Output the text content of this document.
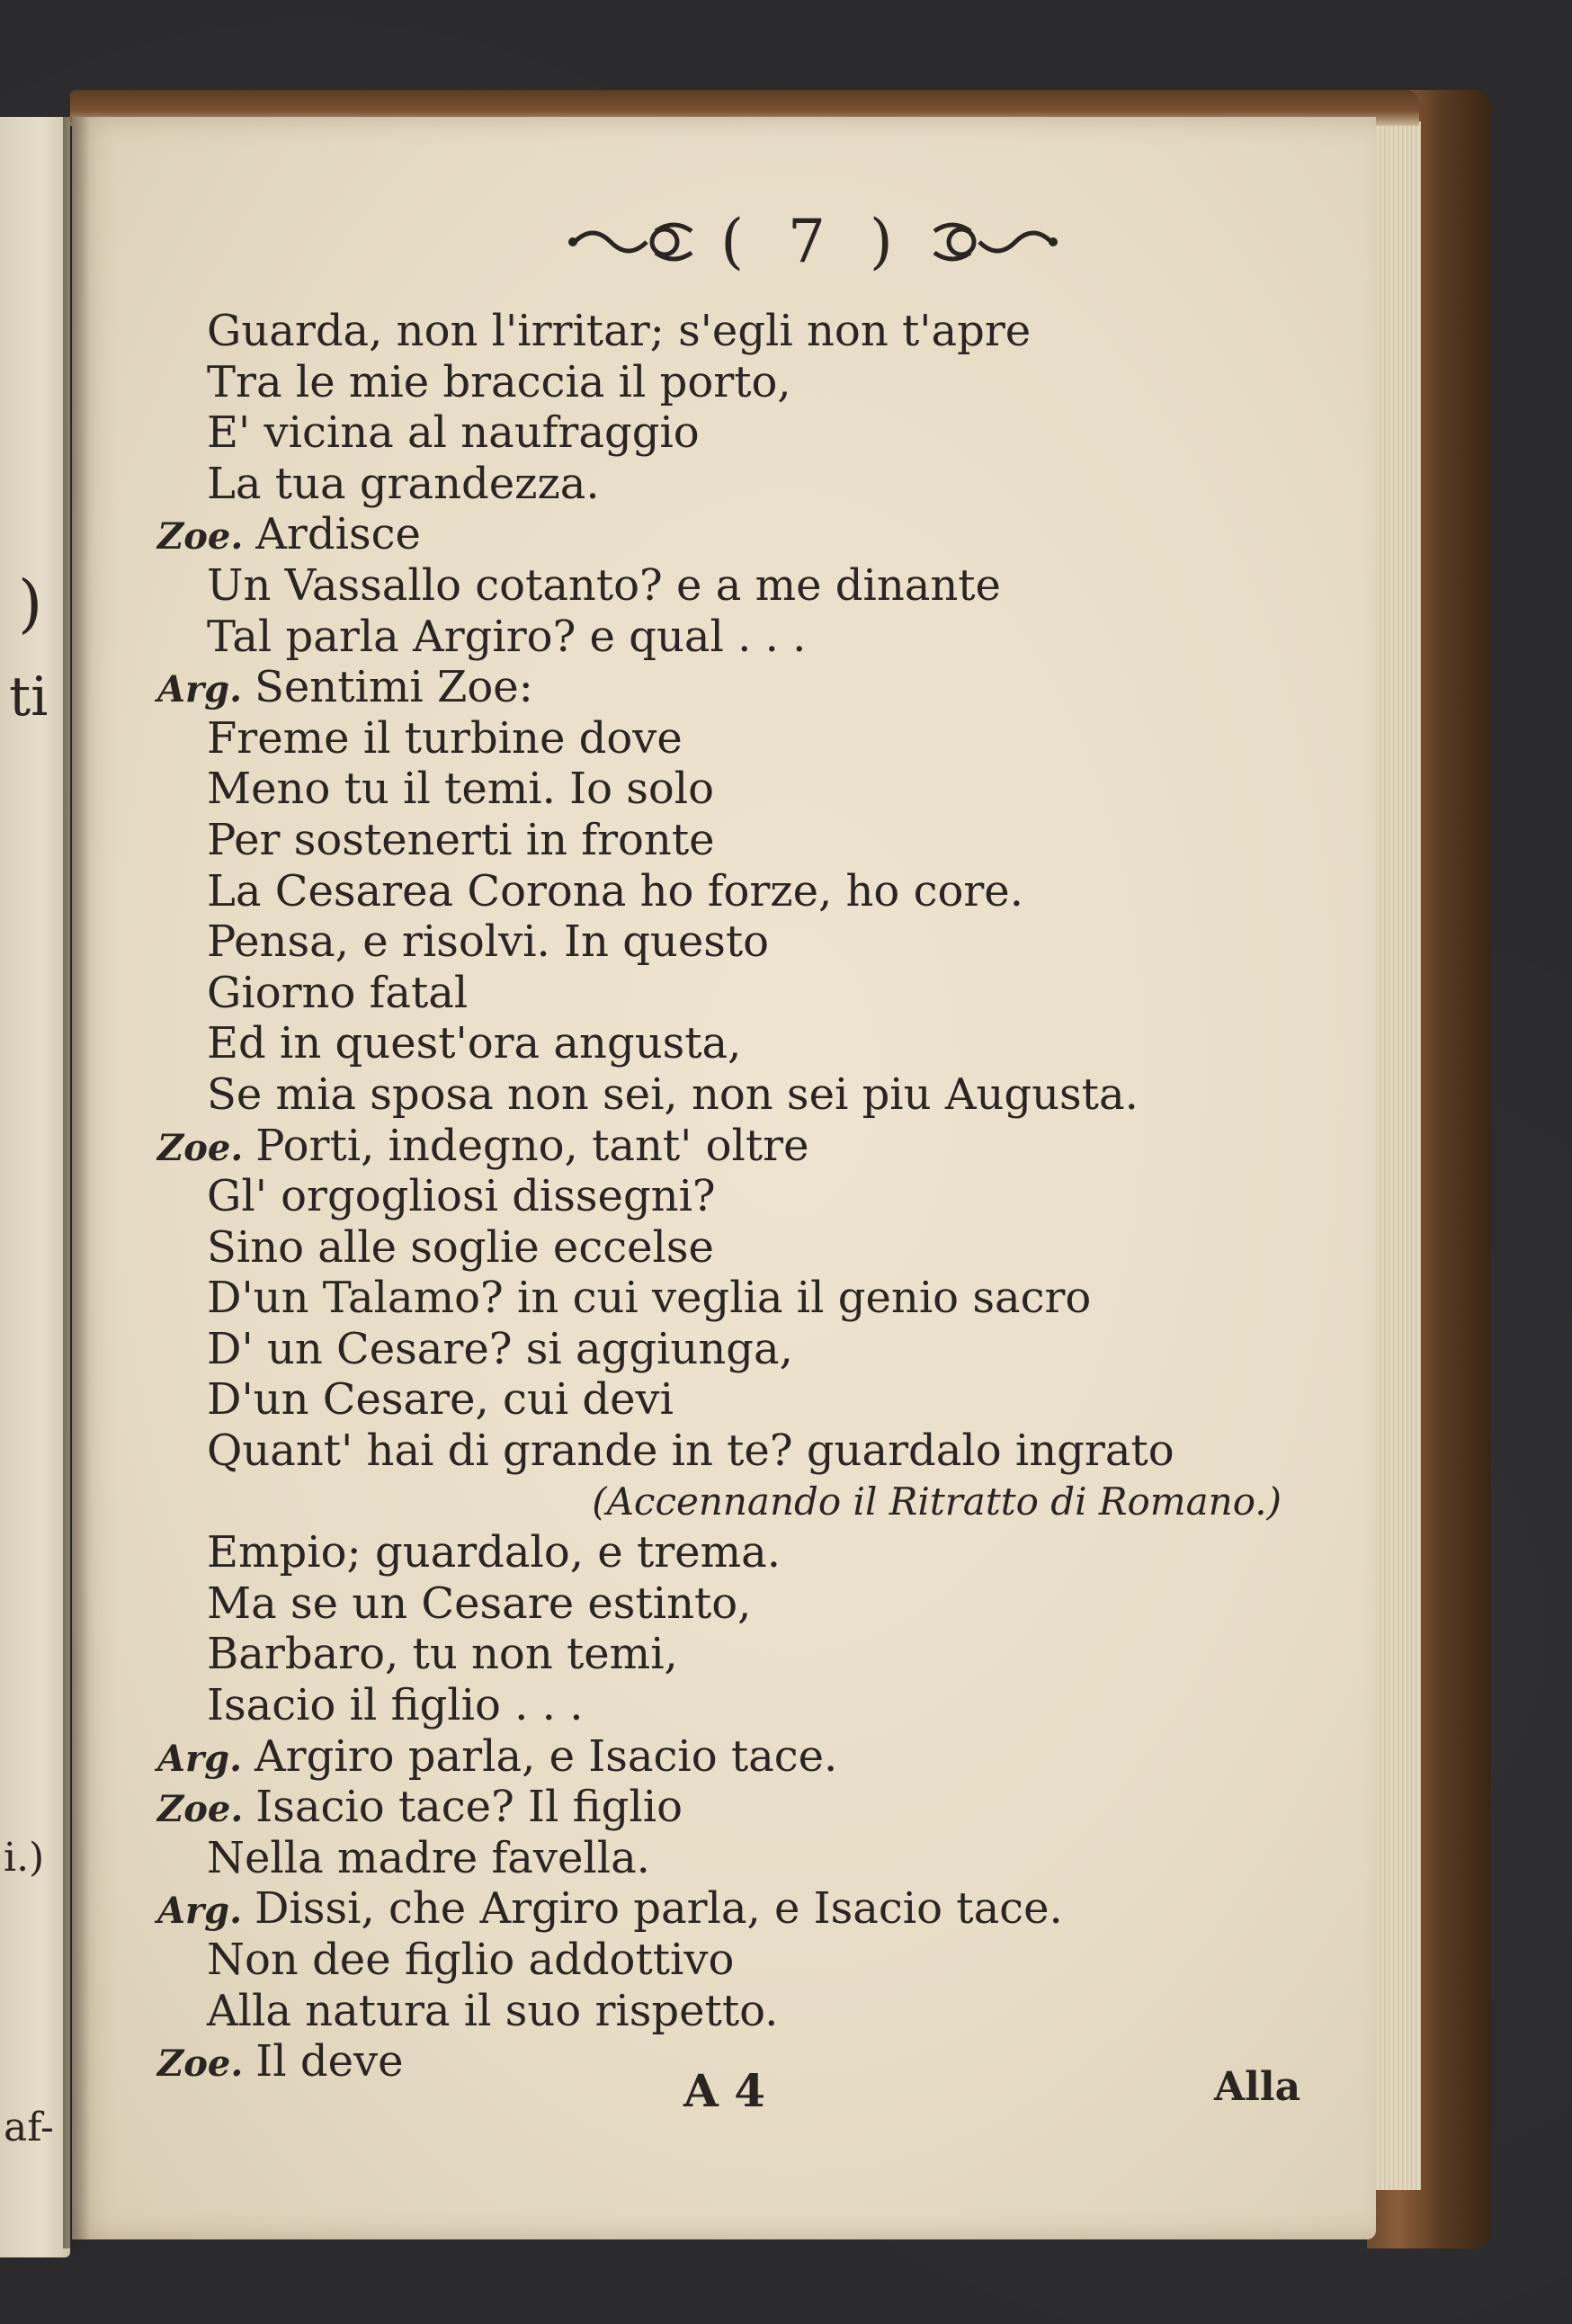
)
ti
i.)
af-
( 7 )
Guarda, non l'irritar; s'egli non t'apre
Tra le mie braccia il porto,
E' vicina al naufraggio
La tua grandezza.
Zoe. Ardisce
Un Vassallo cotanto? e a me dinante
Tal parla Argiro? e qual . . .
Arg. Sentimi Zoe:
Freme il turbine dove
Meno tu il temi. Io solo
Per sostenerti in fronte
La Cesarea Corona ho forze, ho core.
Pensa, e risolvi. In questo
Giorno fatal
Ed in quest'ora angusta,
Se mia sposa non sei, non sei piu Augusta.
Zoe. Porti, indegno, tant' oltre
Gl' orgogliosi dissegni?
Sino alle soglie eccelse
D'un Talamo? in cui veglia il genio sacro
D' un Cesare? si aggiunga,
D'un Cesare, cui devi
Quant' hai di grande in te? guardalo ingrato
(Accennando il Ritratto di Romano.)
Empio; guardalo, e trema.
Ma se un Cesare estinto,
Barbaro, tu non temi,
Isacio il figlio . . .
Arg. Argiro parla, e Isacio tace.
Zoe. Isacio tace? Il figlio
Nella madre favella.
Arg. Dissi, che Argiro parla, e Isacio tace.
Non dee figlio addottivo
Alla natura il suo rispetto.
Zoe. Il deve
A 4	Alla
